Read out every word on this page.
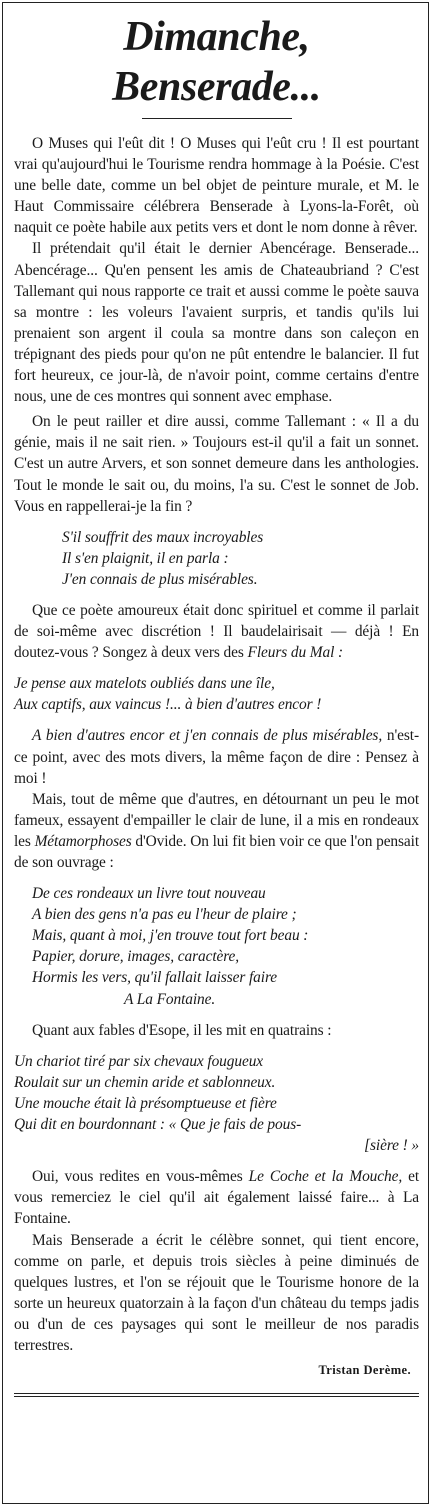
Dimanche, Benserade...

O Muses qui l'eût dit ! O Muses qui l'eût cru ! Il est pourtant vrai qu'aujourd'hui le Tourisme rendra hommage à la Poésie. C'est une belle date, comme un bel objet de peinture murale, et M. le Haut Commissaire célébrera Benserade à Lyons-la-Forêt, où naquit ce poète habile aux petits vers et dont le nom donne à rêver.

Il prétendait qu'il était le dernier Abencérage. Benserade... Abencérage... Qu'en pensent les amis de Chateaubriand ? C'est Tallemant qui nous rapporte ce trait et aussi comme le poète sauva sa montre : les voleurs l'avaient surpris, et tandis qu'ils lui prenaient son argent il coula sa montre dans son caleçon en trépignant des pieds pour qu'on ne pût entendre le balancier. Il fut fort heureux, ce jour-là, de n'avoir point, comme certains d'entre nous, une de ces montres qui sonnent avec emphase.

On le peut railler et dire aussi, comme Tallemant : « Il a du génie, mais il ne sait rien. » Toujours est-il qu'il a fait un sonnet. C'est un autre Arvers, et son sonnet demeure dans les anthologies. Tout le monde le sait ou, du moins, l'a su. C'est le sonnet de Job. Vous en rappellerai-je la fin ?

S'il souffrit des maux incroyables
Il s'en plaignit, il en parla :
J'en connais de plus misérables.

Que ce poète amoureux était donc spirituel et comme il parlait de soi-même avec discrétion ! Il baudelairisait — déjà ! En doutez-vous ? Songez à deux vers des Fleurs du Mal :

Je pense aux matelots oubliés dans une île,
Aux captifs, aux vaincus !... à bien d'autres encor !

A bien d'autres encor et j'en connais de plus misérables, n'est-ce point, avec des mots divers, la même façon de dire : Pensez à moi !

Mais, tout de même que d'autres, en détournant un peu le mot fameux, essayent d'empailler le clair de lune, il a mis en rondeaux les Métamorphoses d'Ovide. On lui fit bien voir ce que l'on pensait de son ouvrage :

De ces rondeaux un livre tout nouveau
A bien des gens n'a pas eu l'heur de plaire ;
Mais, quant à moi, j'en trouve tout fort beau :
Papier, dorure, images, caractère,
Hormis les vers, qu'il fallait laisser faire
A La Fontaine.

Quant aux fables d'Esope, il les mit en quatrains :

Un chariot tiré par six chevaux fougueux
Roulait sur un chemin aride et sablonneux.
Une mouche était là présomptueuse et fière
Qui dit en bourdonnant : « Que je fais de pous-
[sière ! »

Oui, vous redites en vous-mêmes Le Coche et la Mouche, et vous remerciez le ciel qu'il ait également laissé faire... à La Fontaine.

Mais Benserade a écrit le célèbre sonnet, qui tient encore, comme on parle, et depuis trois siècles à peine diminués de quelques lustres, et l'on se réjouit que le Tourisme honore de la sorte un heureux quatorzain à la façon d'un château du temps jadis ou d'un de ces paysages qui sont le meilleur de nos paradis terrestres.

Tristan Derème.
